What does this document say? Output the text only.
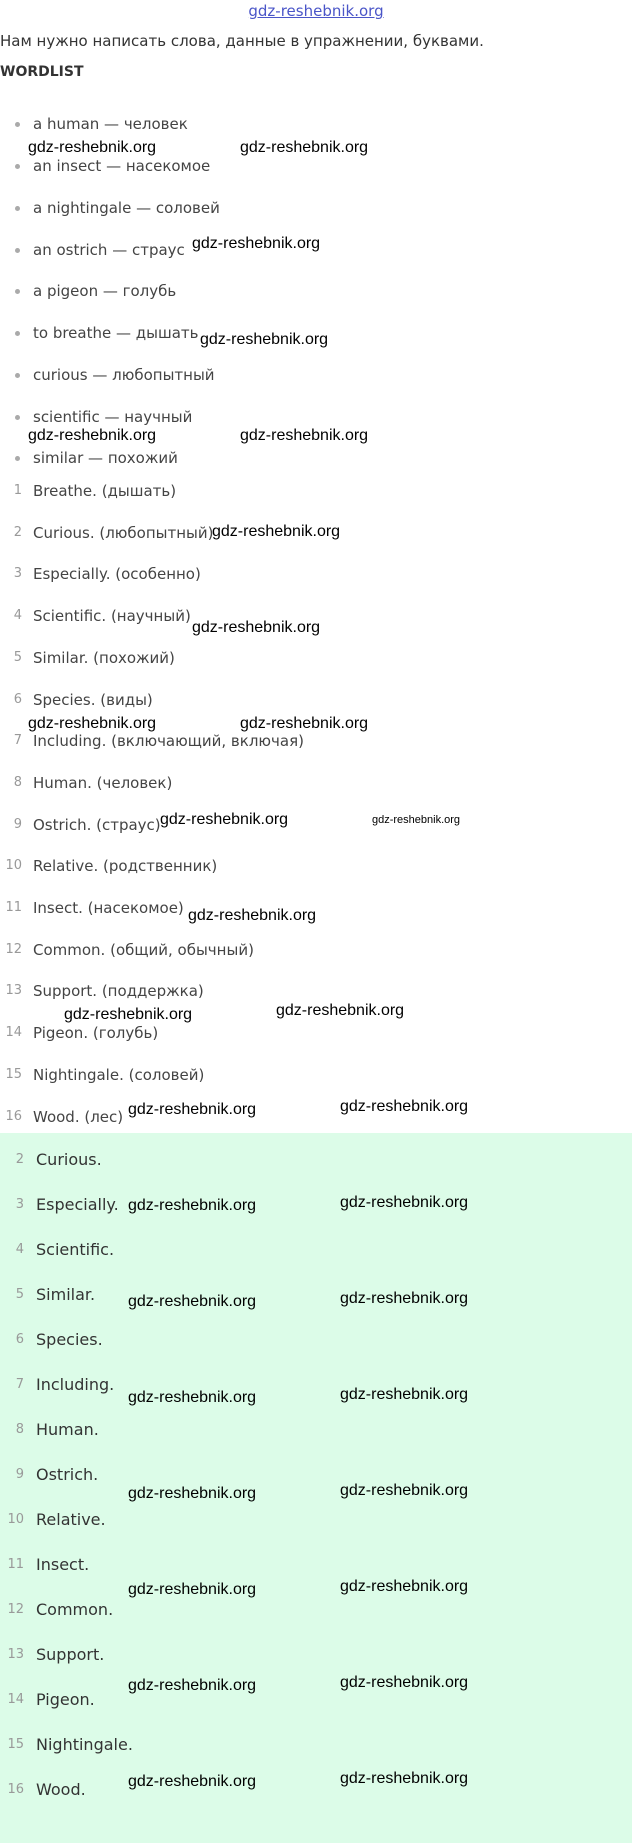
gdz-reshebnik.org
Нам нужно написать слова, данные в упражнении, буквами.
WORDLIST
a human — человек
an insect — насекомое
a nightingale — соловей
an ostrich — страус
a pigeon — голубь
to breathe — дышать
curious — любопытный
scientific — научный
similar — похожий
1 Breathe. (дышать)
2 Curious. (любопытный)
3 Especially. (особенно)
4 Scientific. (научный)
5 Similar. (похожий)
6 Species. (виды)
7 Including. (включающий, включая)
8 Human. (человек)
9 Ostrich. (страус)
10 Relative. (родственник)
11 Insect. (насекомое)
12 Common. (общий, обычный)
13 Support. (поддержка)
14 Pigeon. (голубь)
15 Nightingale. (соловей)
16 Wood. (лес)
2 Curious.
3 Especially.
4 Scientific.
5 Similar.
6 Species.
7 Including.
8 Human.
9 Ostrich.
10 Relative.
11 Insect.
12 Common.
13 Support.
14 Pigeon.
15 Nightingale.
16 Wood.
gdz-reshebnik.org	gdz-reshebnik.org
gdz-reshebnik.org
gdz-reshebnik.org
gdz-reshebnik.org	gdz-reshebnik.org
gdz-reshebnik.org
gdz-reshebnik.org
gdz-reshebnik.org	gdz-reshebnik.org
gdz-reshebnik.org	gdz-reshebnik.org
gdz-reshebnik.org
gdz-reshebnik.org	gdz-reshebnik.org
gdz-reshebnik.org	gdz-reshebnik.org
gdz-reshebnik.org	gdz-reshebnik.org
gdz-reshebnik.org	gdz-reshebnik.org
gdz-reshebnik.org	gdz-reshebnik.org
gdz-reshebnik.org	gdz-reshebnik.org
gdz-reshebnik.org	gdz-reshebnik.org
gdz-reshebnik.org	gdz-reshebnik.org
gdz-reshebnik.org	gdz-reshebnik.org
